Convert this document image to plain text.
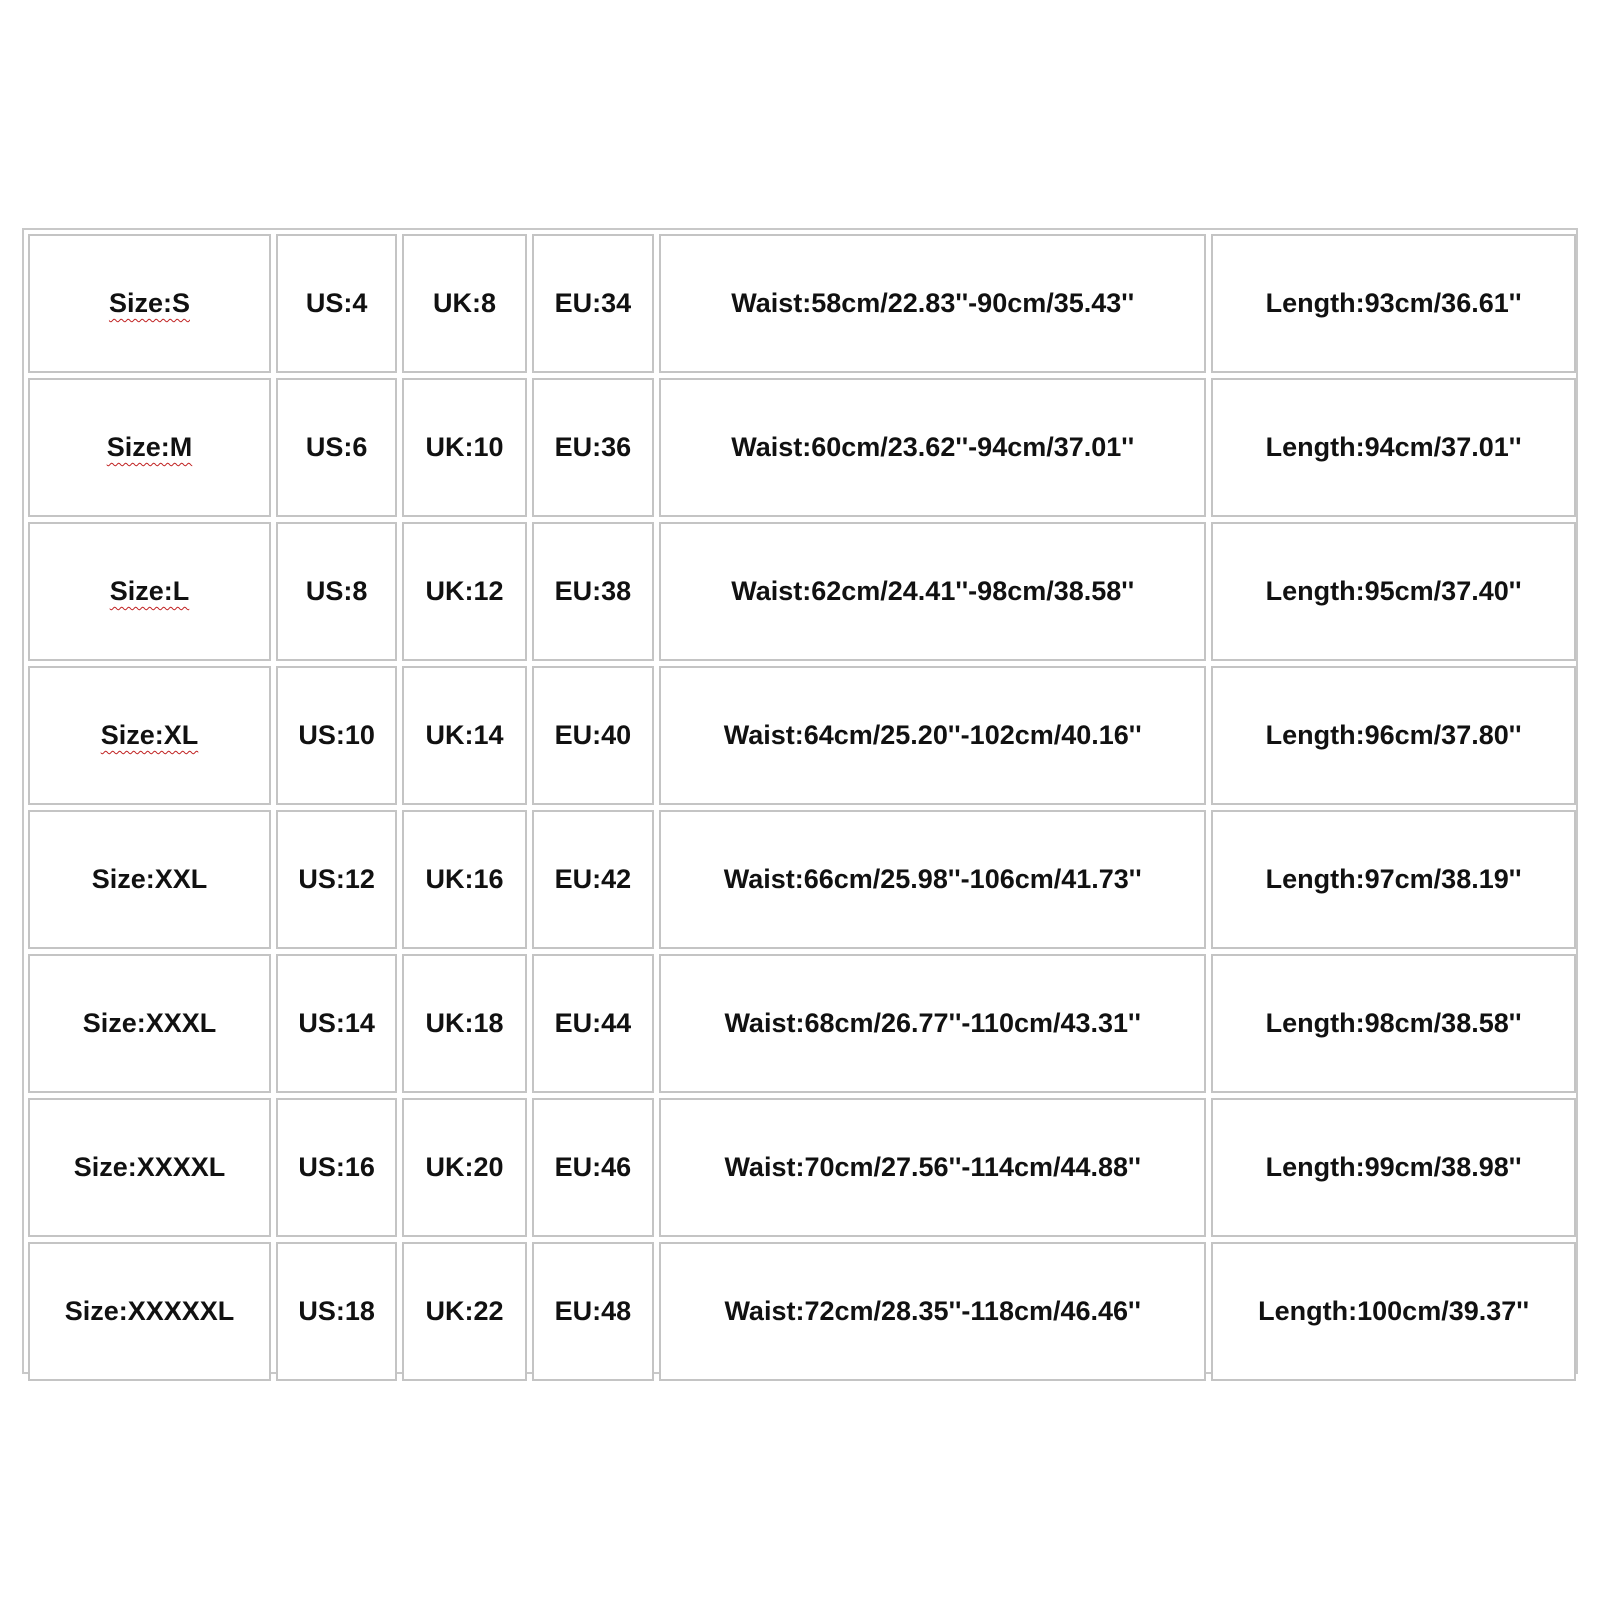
Size:S	US:4	UK:8	EU:34	Waist:58cm/22.83''-90cm/35.43''	Length:93cm/36.61''
Size:M	US:6	UK:10	EU:36	Waist:60cm/23.62''-94cm/37.01''	Length:94cm/37.01''
Size:L	US:8	UK:12	EU:38	Waist:62cm/24.41''-98cm/38.58''	Length:95cm/37.40''
Size:XL	US:10	UK:14	EU:40	Waist:64cm/25.20''-102cm/40.16''	Length:96cm/37.80''
Size:XXL	US:12	UK:16	EU:42	Waist:66cm/25.98''-106cm/41.73''	Length:97cm/38.19''
Size:XXXL	US:14	UK:18	EU:44	Waist:68cm/26.77''-110cm/43.31''	Length:98cm/38.58''
Size:XXXXL	US:16	UK:20	EU:46	Waist:70cm/27.56''-114cm/44.88''	Length:99cm/38.98''
Size:XXXXXL	US:18	UK:22	EU:48	Waist:72cm/28.35''-118cm/46.46''	Length:100cm/39.37''
